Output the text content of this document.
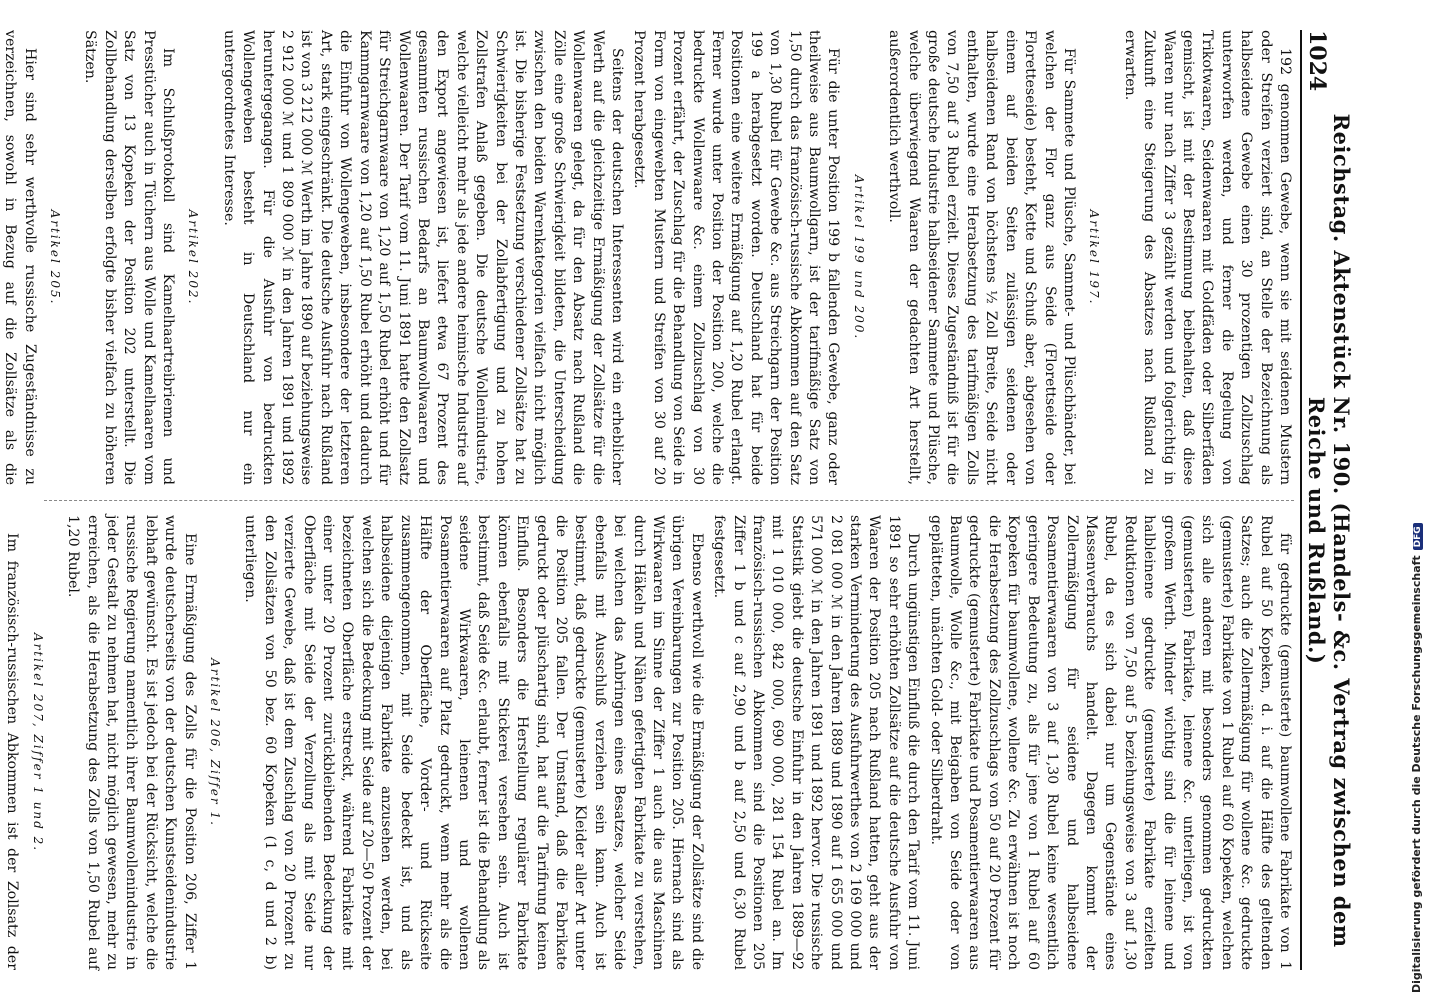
1024
Reichstag. Aktenstück Nr. 190. (Handels- &c. Vertrag zwischen dem Reiche und Rußland.)

192 genommen Gewebe, wenn sie mit seidenen Mustern oder Streifen verziert sind, an Stelle der Bezeichnung als halbseidene Gewebe einen 30 prozentigen Zollzuschlag unterworfen werden, und ferner die Regelung von Trikotwaaren, Seidenwaaren mit Goldfäden oder Silberfäden gemischt, ist mit der Bestimmung beibehalten, daß diese Waaren nur nach Ziffer 3 gezählt werden und folgerichtig in Zukunft eine Steigerung des Absatzes nach Rußland zu erwarten.

Artikel 197.

Für Sammete und Plüsche, Sammet- und Plüschbänder, bei welchen der Flor ganz aus Seide (Florettseide oder Floretteseide) besteht, Kette und Schuß aber, abgesehen von einem auf beiden Seiten zulässigen seidenen oder halbseidenen Rand von höchstens ½ Zoll Breite, Seide nicht enthalten, wurde eine Herabsetzung des tarifmäßigen Zolls von 7,50 auf 3 Rubel erzielt. Dieses Zugeständniß ist für die große deutsche Industrie halbseidener Sammete und Plüsche, welche überwiegend Waaren der gedachten Art herstellt, außerordentlich werthvoll.

Artikel 199 und 200.

Für die unter Position 199 b fallenden Gewebe, ganz oder theilweise aus Baumwollgarn, ist der tarifmäßige Satz von 1,50 durch das französisch-russische Abkommen auf den Satz von 1,30 Rubel für Gewebe &c. aus Streichgarn der Position 199 a herabgesetzt worden. Deutschland hat für beide Positionen eine weitere Ermäßigung auf 1,20 Rubel erlangt. Ferner wurde unter Position der Position 200, welche die bedruckte Wollenwaare &c. einem Zollzuschlag von 30 Prozent erfährt, der Zuschlag für die Behandlung von Seide in Form von eingewebten Mustern und Streifen von 30 auf 20 Prozent herabgesetzt.

Seitens der deutschen Interessenten wird ein erheblicher Werth auf die gleichzeitige Ermäßigung der Zollsätze für die Wollenwaaren gelegt, da für den Absatz nach Rußland die Zölle eine große Schwierigkeit bildeten, die Unterscheidung zwischen den beiden Warenkategorien vielfach nicht möglich ist. Die bisherige Festsetzung verschiedener Zollsätze hat zu Schwierigkeiten bei der Zollabfertigung und zu hohen Zollstrafen Anlaß gegeben. Die deutsche Wollenindustrie, welche vielleicht mehr als jede andere heimische Industrie auf den Export angewiesen ist, liefert etwa 67 Prozent des gesammten russischen Bedarfs an Baumwollwaaren und Wollenwaaren. Der Tarif vom 11. Juni 1891 hatte den Zollsatz für Streichgarnwaare von 1,20 auf 1,50 Rubel erhöht und für Kammgarnwaare von 1,20 auf 1,50 Rubel erhöht und dadurch die Einfuhr von Wollengeweben, insbesondere der letzteren Art, stark eingeschränkt. Die deutsche Ausfuhr nach Rußland ist von 3 212 000 ℳ Werth im Jahre 1890 auf beziehungsweise 2 912 000 ℳ und 1 809 000 ℳ in den Jahren 1891 und 1892 heruntergegangen. Für die Ausfuhr von bedruckten Wollengeweben besteht in Deutschland nur ein untergeordnetes Interesse.

Artikel 202.

Im Schlußprotokoll sind Kamelhaartreibriemen und Presstücher auch in Tüchern aus Wolle und Kamelhaaren vom Satz von 13 Kopeken der Position 202 unterstellt. Die Zollbehandlung derselben erfolgte bisher vielfach zu höheren Sätzen.

Artikel 205.

Hier sind sehr werthvolle russische Zugeständnisse zu verzeichnen, sowohl in Bezug auf die Zollsätze als die

für gedruckte (gemusterte) baumwollene Fabrikate von 1 Rubel auf 50 Kopeken, d. i. auf die Hälfte des geltenden Satzes; auch die Zollermäßigung für wollene &c. gedruckte (gemusterte) Fabrikate von 1 Rubel auf 60 Kopeken, welchen sich alle anderen mit besonders genommen gedruckten (gemusterten) Fabrikate, leinene &c. unterliegen, ist von großem Werth. Minder wichtig sind die für leinene und halbleinene gedruckte (gemusterte) Fabrikate erzielten Reduktionen von 7,50 auf 5 beziehungsweise von 3 auf 1,30 Rubel, da es sich dabei nur um Gegenstände eines Massenverbrauchs handelt. Dagegen kommt der Zollermäßigung für seidene und halbseidene Posamentierwaaren von 3 auf 1,30 Rubel keine wesentlich geringere Bedeutung zu, als für jene von 1 Rubel auf 60 Kopeken für baumwollene, wollene &c. Zu erwähnen ist noch die Herabsetzung des Zollzuschlags von 50 auf 20 Prozent für gedruckte (gemusterte) Fabrikate und Posamentierwaaren aus Baumwolle, Wolle &c., mit Beigaben von Seide oder von geplätteten, unächten Gold- oder Silberdraht.

Durch ungünstigen Einfluß die durch den Tarif vom 11. Juni 1891 so sehr erhöhten Zollsätze auf die deutsche Ausfuhr von Waaren der Position 205 nach Rußland hatten, geht aus der starken Verminderung des Ausfuhrwerthes von 2 169 000 und 2 081 000 ℳ in den Jahren 1889 und 1890 auf 1 655 000 und 571 000 ℳ in den Jahren 1891 und 1892 hervor. Die russische Statistik giebt die deutsche Einfuhr in den Jahren 1889—92 mit 1 010 000, 842 000, 690 000, 281 154 Rubel an. Im französisch-russischen Abkommen sind die Positionen 205 Ziffer 1 b und c auf 2,90 und b auf 2,50 und 6,30 Rubel festgesetzt.

Ebenso werthvoll wie die Ermäßigung der Zollsätze sind die übrigen Vereinbarungen zur Position 205. Hiernach sind als Wirkwaaren im Sinne der Ziffer 1 auch die aus Maschinen durch Häkeln und Nähen gefertigten Fabrikate zu verstehen, bei welchen das Anbringen eines Besatzes, welcher Seide ebenfalls mit Ausschluß verziehen sein kann. Auch ist bestimmt, daß gedruckte (gemusterte) Kleider aller Art unter die Position 205 fallen. Der Umstand, daß die Fabrikate gedruckt oder plüschartig sind, hat auf die Tarifirung keinen Einfluß. Besonders die Herstellung regulärer Fabrikate können ebenfalls mit Stickerei versehen sein. Auch ist bestimmt, daß Seide &c. erlaubt, ferner ist die Behandlung als seidene Wirkwaaren, leinenen und wollenen Posamentierwaaren auf Platz gedruckt, wenn mehr als die Hälfte der Oberfläche, Vorder- und Rückseite zusammengenommen, mit Seide bedeckt ist, und als halbseidene diejenigen Fabrikate anzusehen werden, bei welchen sich die Bedeckung mit Seide auf 20—50 Prozent der bezeichneten Oberfläche erstreckt, während Fabrikate mit einer unter 20 Prozent zurückbleibenden Bedeckung der Oberfläche mit Seide der Verzollung als mit Seide nur verzierte Gewebe, daß ist dem Zuschlag von 20 Prozent zu den Zollsätzen von 50 bez. 60 Kopeken (1 c, d und 2 b) unterliegen.

Artikel 206, Ziffer 1.

Eine Ermäßigung des Zolls für die Position 206, Ziffer 1 wurde deutscherseits von der deutschen Kunstseidenindustrie lebhaft gewünscht. Es ist jedoch bei der Rücksicht, welche die russische Regierung namentlich ihrer Baumwollenindustrie in jeder Gestalt zu nehmen hat, nicht möglich gewesen, mehr zu erreichen, als die Herabsetzung des Zolls von 1,50 Rubel auf 1,20 Rubel.

Artikel 207, Ziffer 1 und 2.

Im französisch-russischen Abkommen ist der Zollsatz der	Digitalisierung gefördert durch die Deutsche ForschungsgemeinschaftDFG
